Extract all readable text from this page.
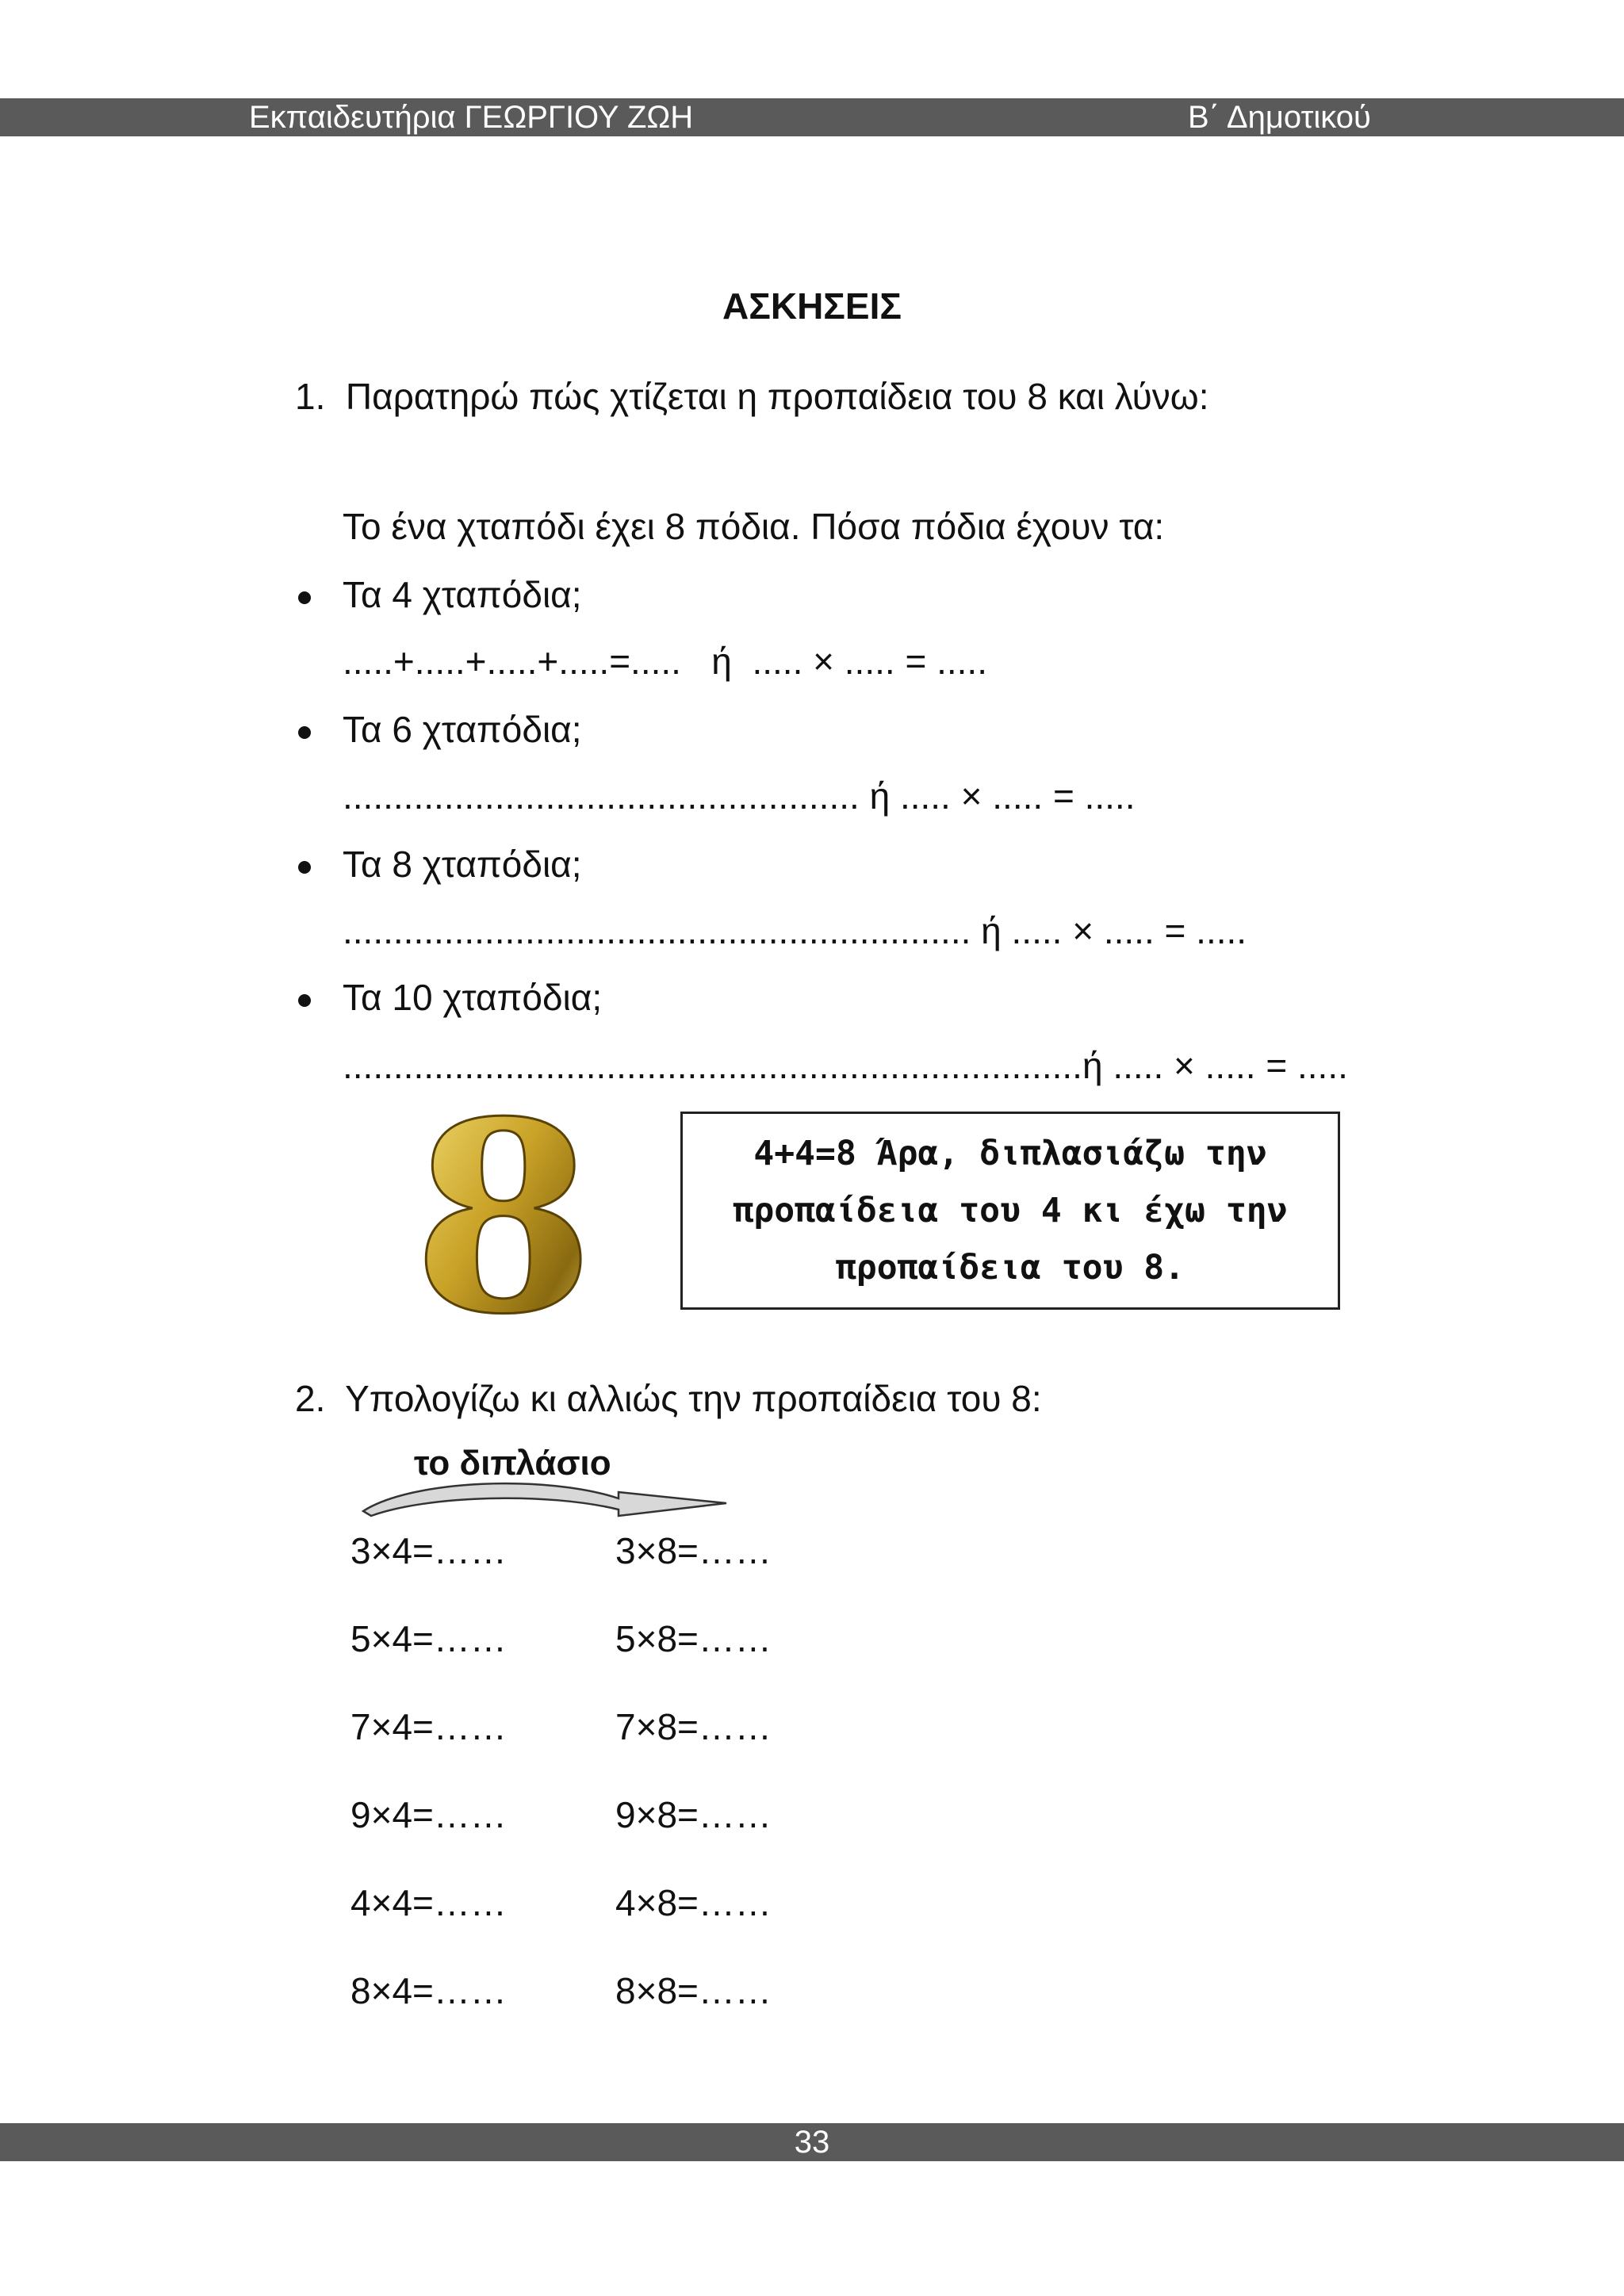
Εκπαιδευτήρια ΓΕΩΡΓΙΟΥ ΖΩΗ	Β΄ Δημοτικού
ΑΣΚΗΣΕΙΣ
1.  Παρατηρώ πώς χτίζεται η προπαίδεια του 8 και λύνω:
Το ένα χταπόδι έχει 8 πόδια. Πόσα πόδια έχουν τα:
Τα 4 χταπόδια;
.....+.....+.....+.....=.....   ή  ..... × ..... = .....
Τα 6 χταπόδια;
................................................... ή ..... × ..... = .....
Τα 8 χταπόδια;
.............................................................. ή ..... × ..... = .....
Τα 10 χταπόδια;
.........................................................................ή ..... × ..... = .....
8	4+4=8 Άρα, διπλασιάζω την προπαίδεια του 4 κι έχω την προπαίδεια του 8.
2.  Υπολογίζω κι αλλιώς την προπαίδεια του 8:
το διπλάσιο
3×4=……	3×8=……
5×4=……	5×8=……
7×4=……	7×8=……
9×4=……	9×8=……
4×4=……	4×8=……
8×4=……	8×8=……
33
